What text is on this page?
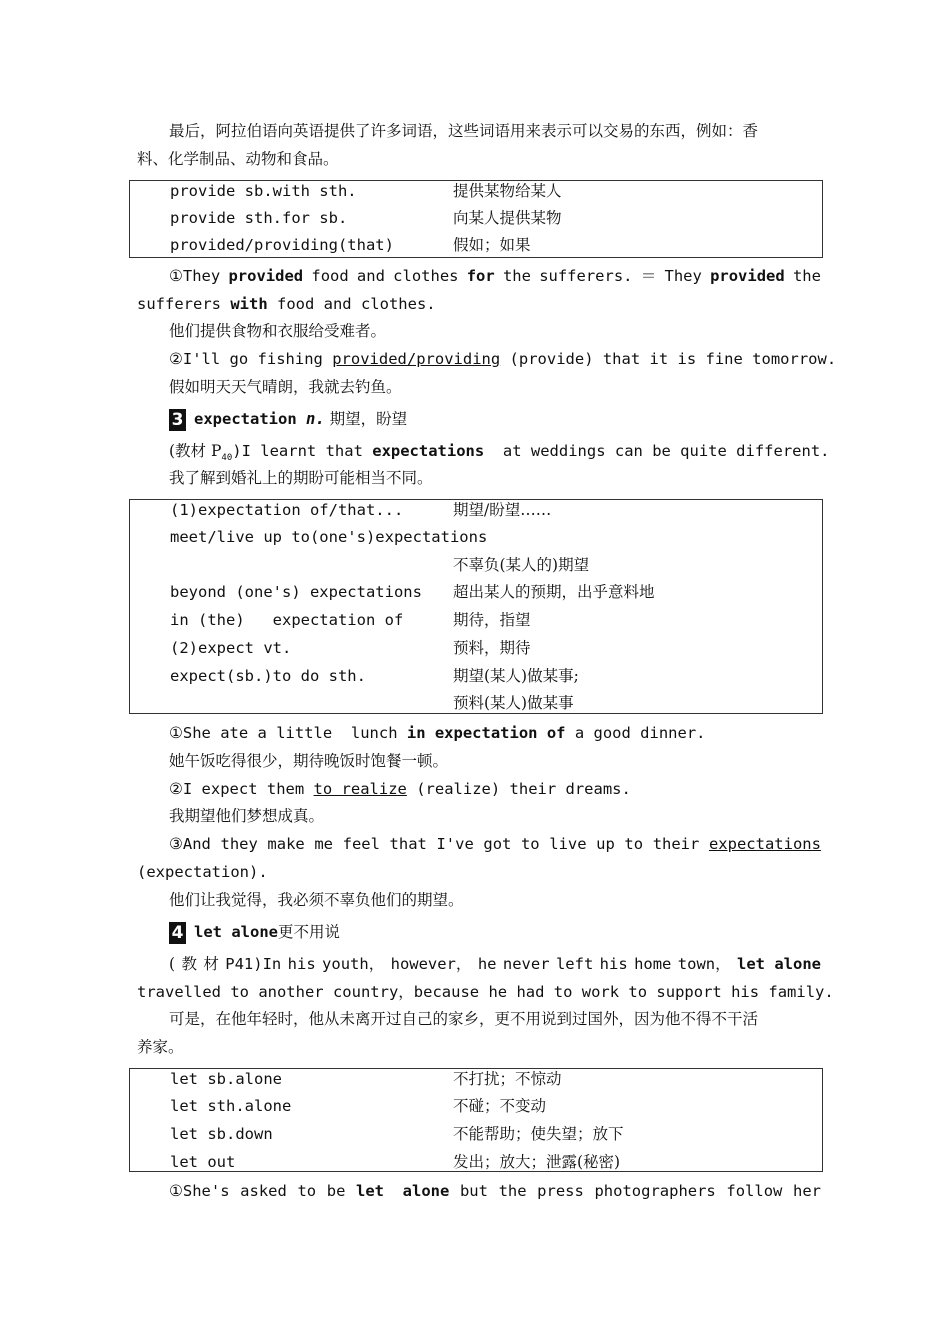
最后，阿拉伯语向英语提供了许多词语，这些词语用来表示可以交易的东西，例如：香
料、化学制品、动物和食品。
provide sb.with sth.	提供某物给某人
provide sth.for sb.	向某人提供某物
provided/providing(that)	假如；如果
①They provided food and clothes for the sufferers. ＝ They provided the
sufferers with food and clothes.
他们提供食物和衣服给受难者。
②I'll go fishing provided/providing (provide) that it is fine tomorrow.
假如明天天气晴朗，我就去钓鱼。
3 expectation n. 期望，盼望
(教材 $P_{40})I$ learnt that expectations  at weddings can be quite different.
我了解到婚礼上的期盼可能相当不同。
(1)expectation of/that...	期望/盼望……
meet/live up to(one's)expectations
不辜负(某人的)期望
beyond (one's) expectations 超出某人的预期，出乎意料地
in (the)   expectation of	期待，指望
(2)expect vt.	预料，期待
expect(sb.)to do sth.	期望(某人)做某事;
预料(某人)做某事
①She ate a little  lunch in expectation of a good dinner.
她午饭吃得很少，期待晚饭时饱餐一顿。
②I expect them to realize (realize) their dreams.
我期望他们梦想成真。
③And they make me feel that I've got to live up to their expectations
(expectation).
他们让我觉得，我必须不辜负他们的期望。
4 let alone更不用说
( 教 材 P41)In his youth， however， he never left his home town， let alone
travelled to another country，because he had to work to support his family.
可是，在他年轻时，他从未离开过自己的家乡，更不用说到过国外，因为他不得不干活
养家。
let sb.alone	不打扰；不惊动
let sth.alone	不碰；不变动
let sb.down	不能帮助；使失望；放下
let out	发出；放大；泄露(秘密)
①She's asked to be let  alone but the press photographers follow her
